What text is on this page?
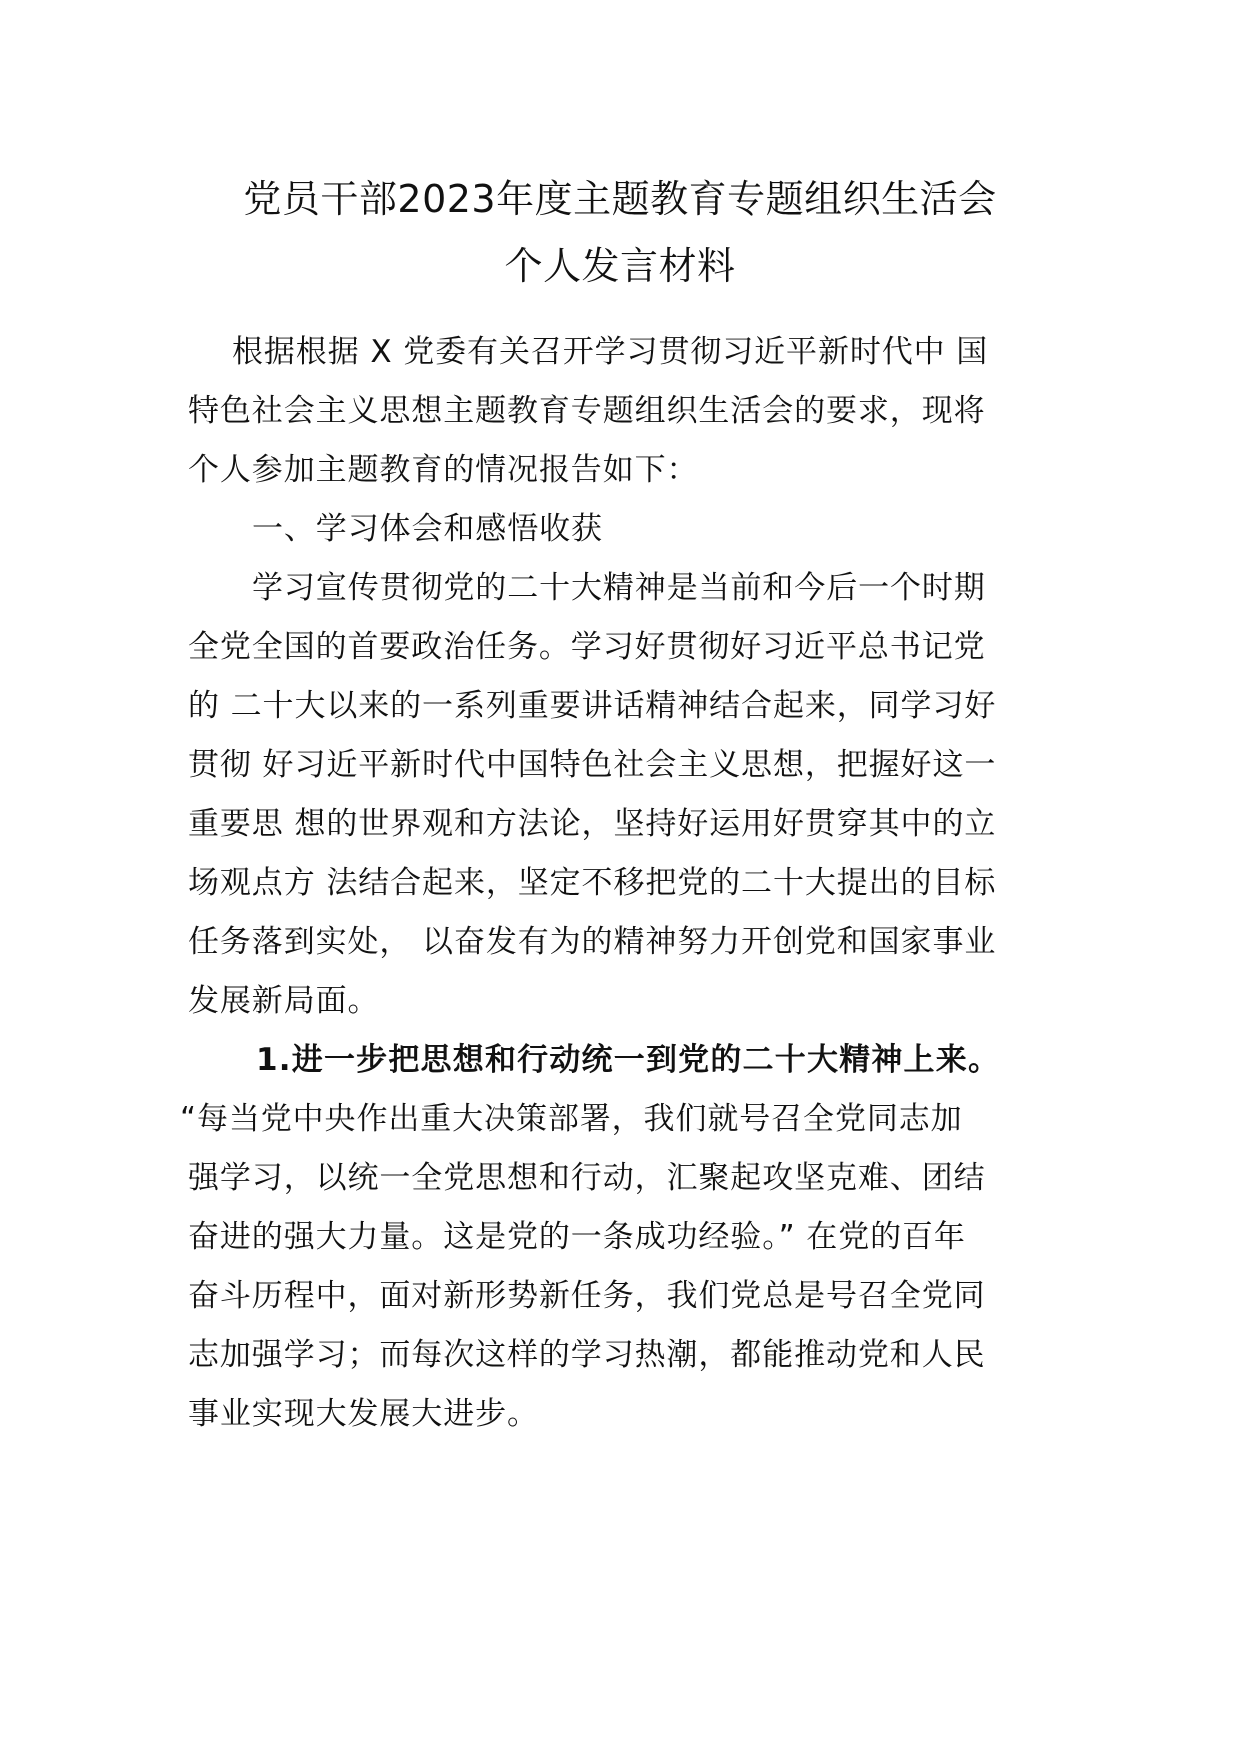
党员干部2023年度主题教育专题组织生活会
个人发言材料
根据根据 X 党委有关召开学习贯彻习近平新时代中 国
特色社会主义思想主题教育专题组织生活会的要求，现将
个人参加主题教育的情况报告如下：
一、学习体会和感悟收获
学习宣传贯彻党的二十大精神是当前和今后一个时期
全党全国的首要政治任务。学习好贯彻好习近平总书记党
的 二十大以来的一系列重要讲话精神结合起来，同学习好
贯彻 好习近平新时代中国特色社会主义思想，把握好这一
重要思 想的世界观和方法论，坚持好运用好贯穿其中的立
场观点方 法结合起来，坚定不移把党的二十大提出的目标
任务落到实处， 以奋发有为的精神努力开创党和国家事业
发展新局面。
1.进一步把思想和行动统一到党的二十大精神上来。
“每当党中央作出重大决策部署，我们就号召全党同志加
强学习，以统一全党思想和行动，汇聚起攻坚克难、团结
奋进的强大力量。这是党的一条成功经验。” 在党的百年
奋斗历程中，面对新形势新任务，我们党总是号召全党同
志加强学习；而每次这样的学习热潮，都能推动党和人民
事业实现大发展大进步。
